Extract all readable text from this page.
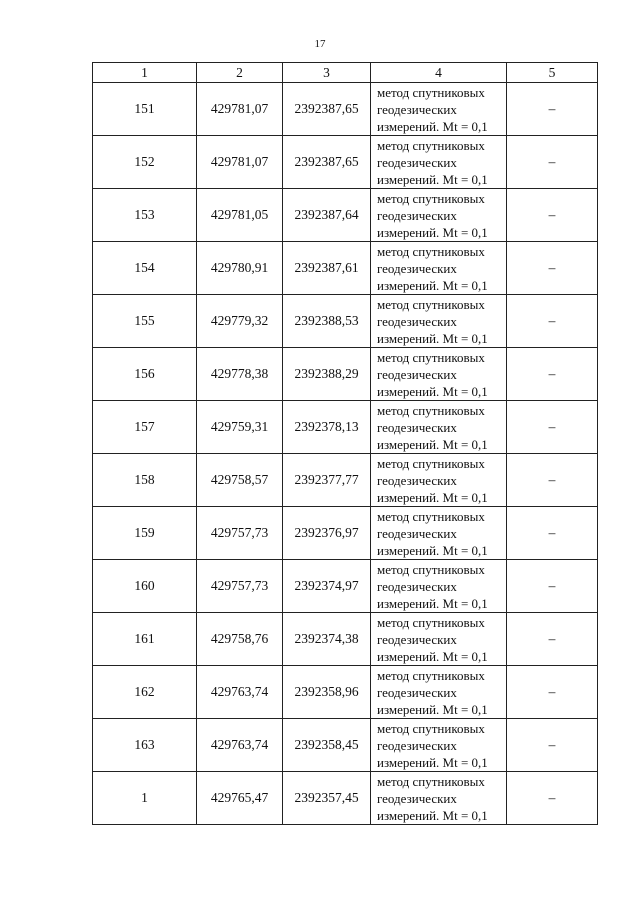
17
1	2	3	4	5
151	429781,07	2392387,65	метод спутниковых
геодезических
измерений. Mt = 0,1	–
152	429781,07	2392387,65	метод спутниковых
геодезических
измерений. Mt = 0,1	–
153	429781,05	2392387,64	метод спутниковых
геодезических
измерений. Mt = 0,1	–
154	429780,91	2392387,61	метод спутниковых
геодезических
измерений. Mt = 0,1	–
155	429779,32	2392388,53	метод спутниковых
геодезических
измерений. Mt = 0,1	–
156	429778,38	2392388,29	метод спутниковых
геодезических
измерений. Mt = 0,1	–
157	429759,31	2392378,13	метод спутниковых
геодезических
измерений. Mt = 0,1	–
158	429758,57	2392377,77	метод спутниковых
геодезических
измерений. Mt = 0,1	–
159	429757,73	2392376,97	метод спутниковых
геодезических
измерений. Mt = 0,1	–
160	429757,73	2392374,97	метод спутниковых
геодезических
измерений. Mt = 0,1	–
161	429758,76	2392374,38	метод спутниковых
геодезических
измерений. Mt = 0,1	–
162	429763,74	2392358,96	метод спутниковых
геодезических
измерений. Mt = 0,1	–
163	429763,74	2392358,45	метод спутниковых
геодезических
измерений. Mt = 0,1	–
1	429765,47	2392357,45	метод спутниковых
геодезических
измерений. Mt = 0,1	–
